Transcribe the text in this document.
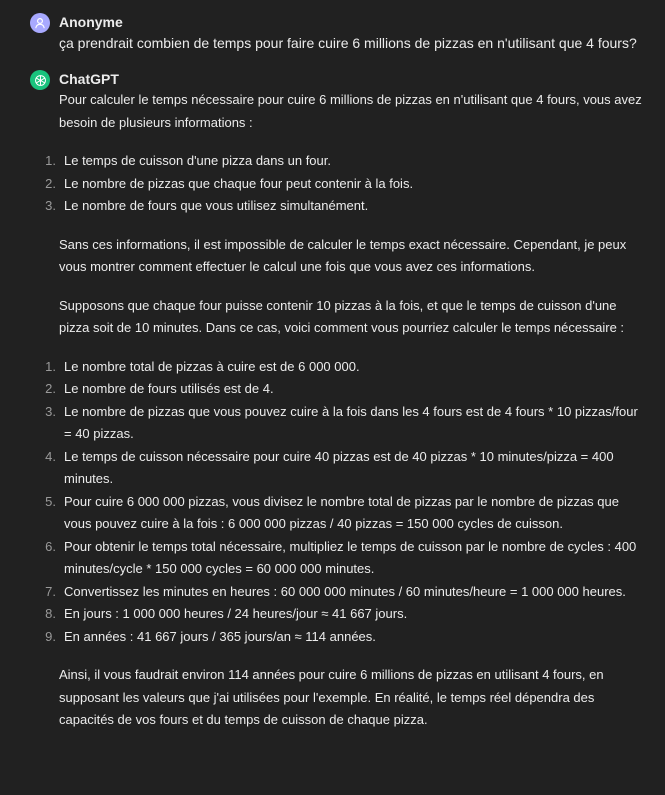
Anonyme
ça prendrait combien de temps pour faire cuire 6 millions de pizzas en n'utilisant que 4 fours?
ChatGPT

Pour calculer le temps nécessaire pour cuire 6 millions de pizzas en n'utilisant que 4 fours, vous avez besoin de plusieurs informations :

1. Le temps de cuisson d'une pizza dans un four.
2. Le nombre de pizzas que chaque four peut contenir à la fois.
3. Le nombre de fours que vous utilisez simultanément.

Sans ces informations, il est impossible de calculer le temps exact nécessaire. Cependant, je peux vous montrer comment effectuer le calcul une fois que vous avez ces informations.

Supposons que chaque four puisse contenir 10 pizzas à la fois, et que le temps de cuisson d'une pizza soit de 10 minutes. Dans ce cas, voici comment vous pourriez calculer le temps nécessaire :

1. Le nombre total de pizzas à cuire est de 6 000 000.
2. Le nombre de fours utilisés est de 4.
3. Le nombre de pizzas que vous pouvez cuire à la fois dans les 4 fours est de 4 fours * 10 pizzas/four = 40 pizzas.
4. Le temps de cuisson nécessaire pour cuire 40 pizzas est de 40 pizzas * 10 minutes/pizza = 400 minutes.
5. Pour cuire 6 000 000 pizzas, vous divisez le nombre total de pizzas par le nombre de pizzas que vous pouvez cuire à la fois : 6 000 000 pizzas / 40 pizzas = 150 000 cycles de cuisson.
6. Pour obtenir le temps total nécessaire, multipliez le temps de cuisson par le nombre de cycles : 400 minutes/cycle * 150 000 cycles = 60 000 000 minutes.
7. Convertissez les minutes en heures : 60 000 000 minutes / 60 minutes/heure = 1 000 000 heures.
8. En jours : 1 000 000 heures / 24 heures/jour ≈ 41 667 jours.
9. En années : 41 667 jours / 365 jours/an ≈ 114 années.

Ainsi, il vous faudrait environ 114 années pour cuire 6 millions de pizzas en utilisant 4 fours, en supposant les valeurs que j'ai utilisées pour l'exemple. En réalité, le temps réel dépendra des capacités de vos fours et du temps de cuisson de chaque pizza.
